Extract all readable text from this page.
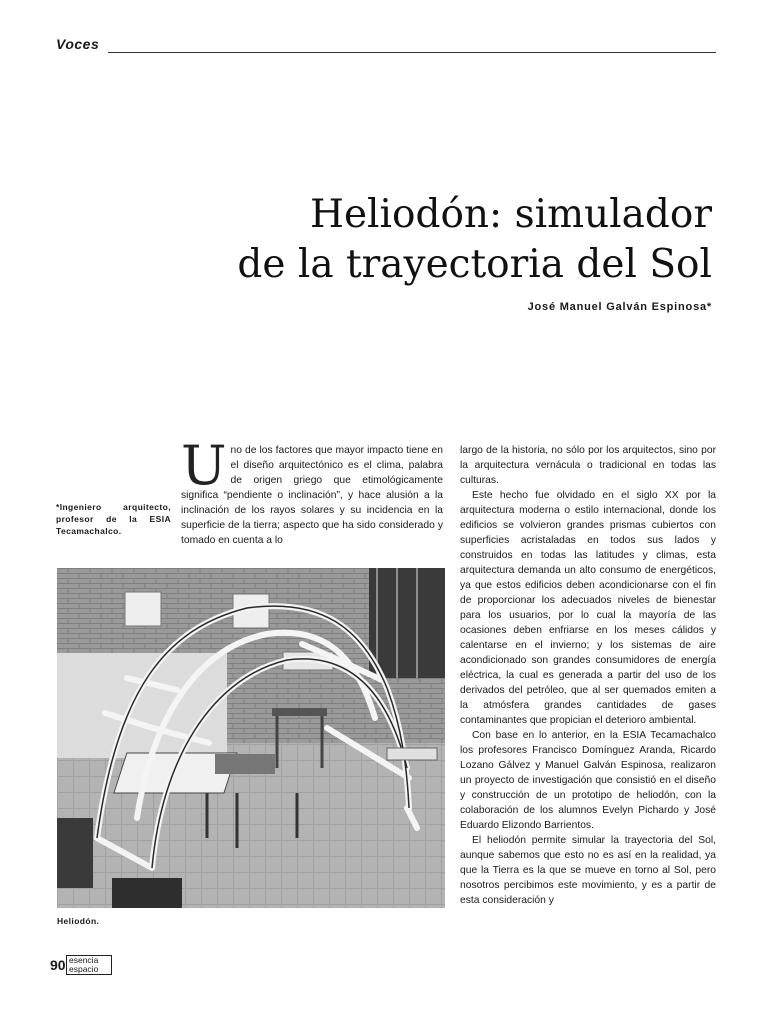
Voces
Heliodón: simulador
de la trayectoria del Sol
José Manuel Galván Espinosa*
*Ingeniero arquitecto, profesor de la ESIA Tecamachalco.

Uno de los factores que mayor impacto tiene en el diseño arquitectónico es el clima, palabra de origen griego que etimológicamente significa “pendiente o inclinación”, y hace alusión a la inclinación de los rayos solares y su incidencia en la superficie de la tierra; aspecto que ha sido considerado y tomado en cuenta a lo

Heliodón.

largo de la historia, no sólo por los arquitectos, sino por la arquitectura vernácula o tradicional en todas las culturas.

Este hecho fue olvidado en el siglo XX por la arquitectura moderna o estilo internacional, donde los edificios se volvieron grandes prismas cubiertos con superficies acristaladas en todos sus lados y construidos en todas las latitudes y climas, esta arquitectura demanda un alto consumo de energéticos, ya que estos edificios deben acondicionarse con el fin de proporcionar los adecuados niveles de bienestar para los usuarios, por lo cual la mayoría de las ocasiones deben enfriarse en los meses cálidos y calentarse en el invierno; y los sistemas de aire acondicionado son grandes consumidores de energía eléctrica, la cual es generada a partir del uso de los derivados del petróleo, que al ser quemados emiten a la atmósfera grandes cantidades de gases contaminantes que propician el deterioro ambiental.

Con base en lo anterior, en la ESIA Tecamachalco los profesores Francisco Domínguez Aranda, Ricardo Lozano Gálvez y Manuel Galván Espinosa, realizaron un proyecto de investigación que consistió en el diseño y construcción de un prototipo de heliodón, con la colaboración de los alumnos Evelyn Pichardo y José Eduardo Elizondo Barrientos.

El heliodón permite simular la trayectoria del Sol, aunque sabemos que esto no es así en la realidad, ya que la Tierra es la que se mueve en torno al Sol, pero nosotros percibimos este movimiento, y es a partir de esta consideración y

90 esencia
espacio
